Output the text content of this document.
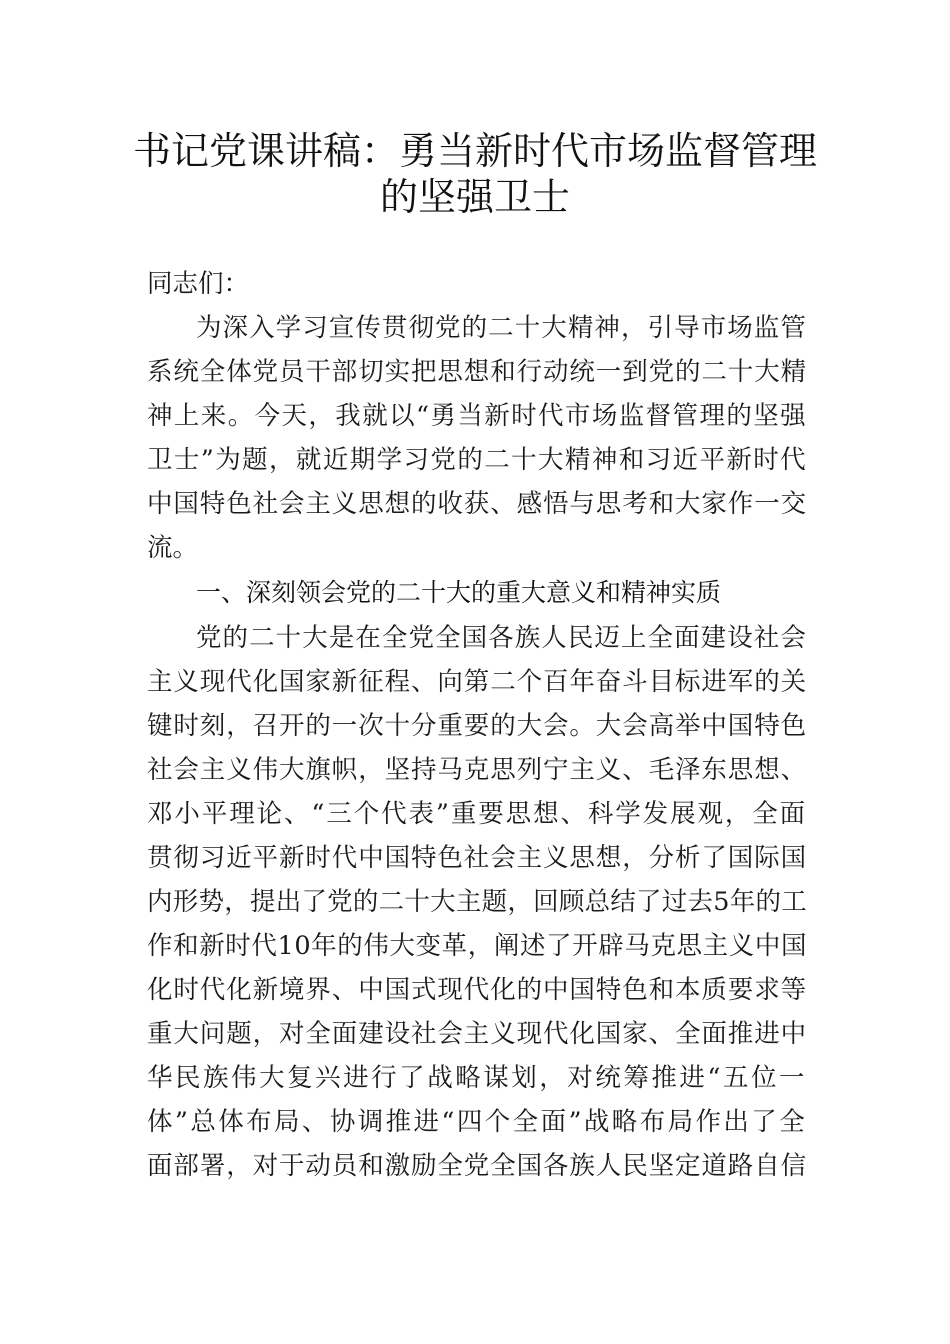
书记党课讲稿：勇当新时代市场监督管理
的坚强卫士
同志们：
为深入学习宣传贯彻党的二十大精神，引导市场监管
系统全体党员干部切实把思想和行动统一到党的二十大精
神上来。今天，我就以“勇当新时代市场监督管理的坚强
卫士”为题，就近期学习党的二十大精神和习近平新时代
中国特色社会主义思想的收获、感悟与思考和大家作一交
流。
一、深刻领会党的二十大的重大意义和精神实质
党的二十大是在全党全国各族人民迈上全面建设社会
主义现代化国家新征程、向第二个百年奋斗目标进军的关
键时刻，召开的一次十分重要的大会。大会高举中国特色
社会主义伟大旗帜，坚持马克思列宁主义、毛泽东思想、
邓小平理论、“三个代表”重要思想、科学发展观，全面
贯彻习近平新时代中国特色社会主义思想，分析了国际国
内形势，提出了党的二十大主题，回顾总结了过去5年的工
作和新时代10年的伟大变革，阐述了开辟马克思主义中国
化时代化新境界、中国式现代化的中国特色和本质要求等
重大问题，对全面建设社会主义现代化国家、全面推进中
华民族伟大复兴进行了战略谋划，对统筹推进“五位一
体”总体布局、协调推进“四个全面”战略布局作出了全
面部署，对于动员和激励全党全国各族人民坚定道路自信
